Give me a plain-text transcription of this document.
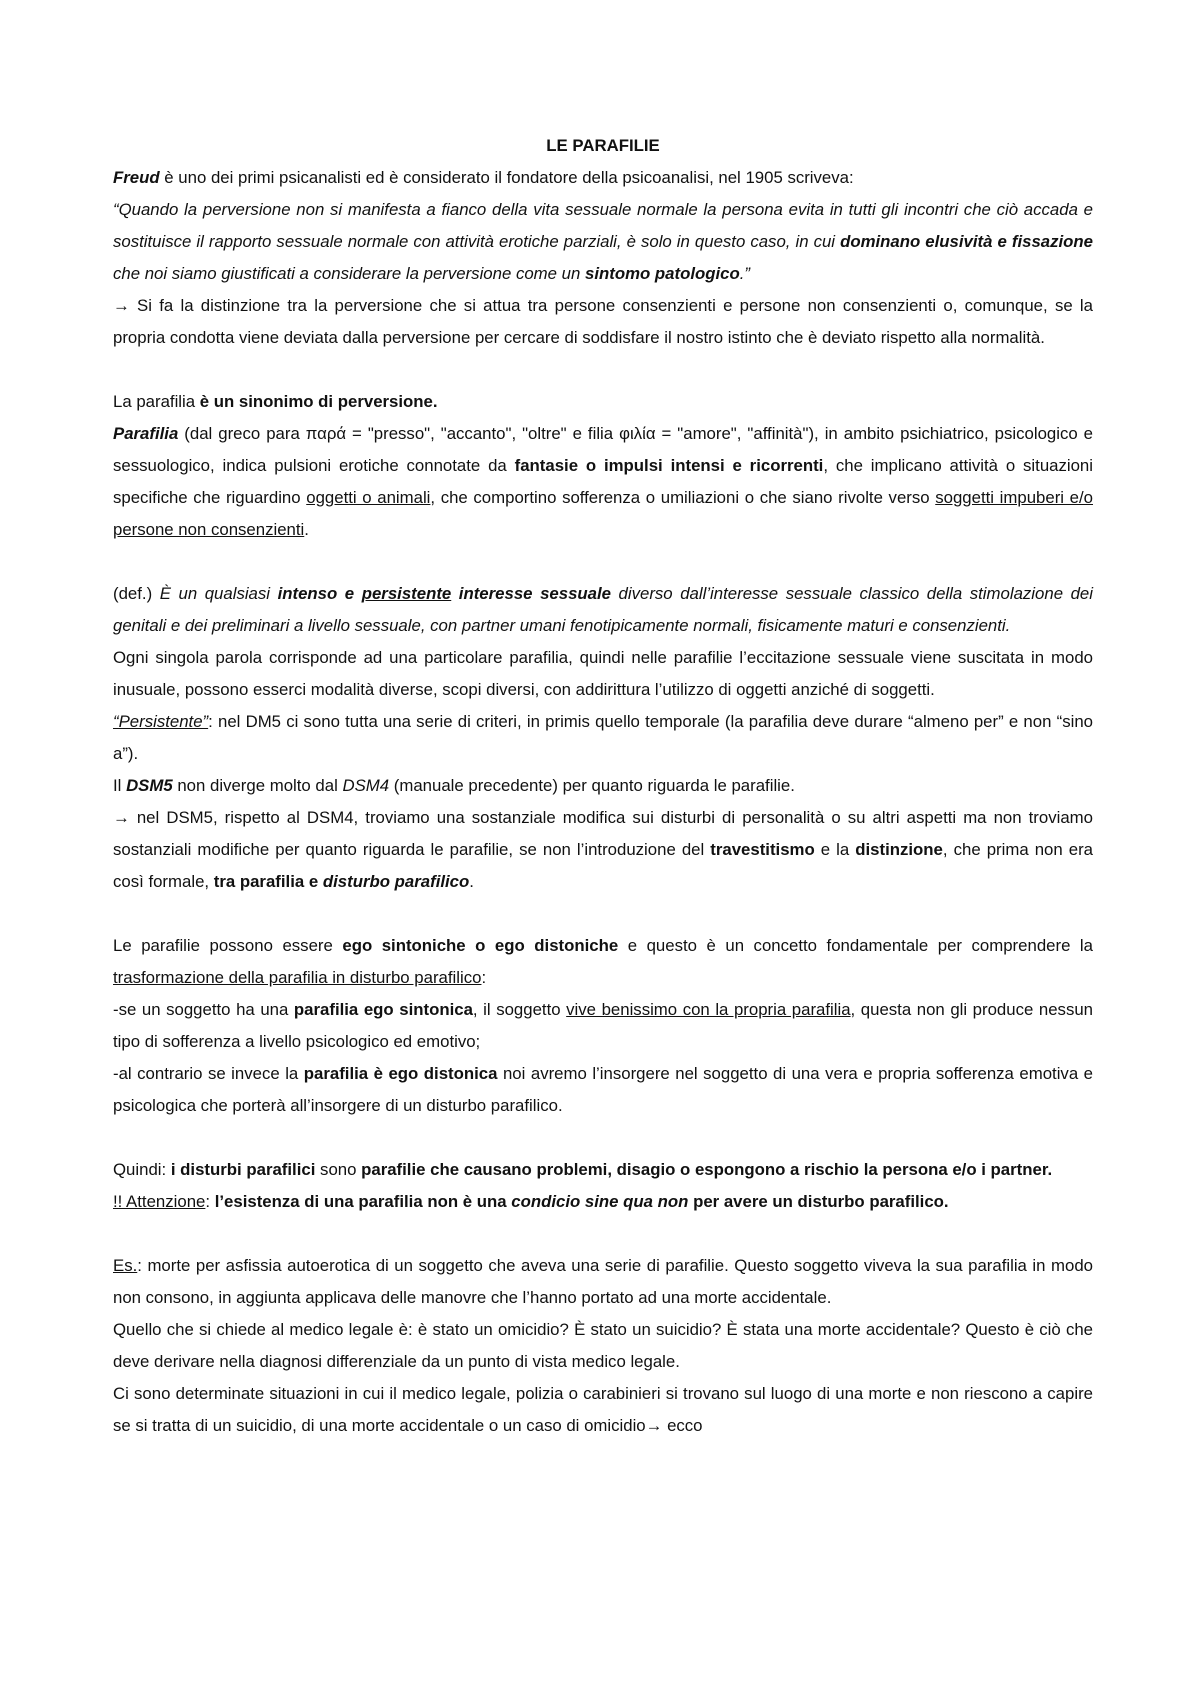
LE PARAFILIE

Freud è uno dei primi psicanalisti ed è considerato il fondatore della psicoanalisi, nel 1905 scriveva:
“Quando la perversione non si manifesta a fianco della vita sessuale normale la persona evita in tutti gli incontri che ciò accada e sostituisce il rapporto sessuale normale con attività erotiche parziali, è solo in questo caso, in cui dominano elusività e fissazione che noi siamo giustificati a considerare la perversione come un sintomo patologico.”

→ Si fa la distinzione tra la perversione che si attua tra persone consenzienti e persone non consenzienti o, comunque, se la propria condotta viene deviata dalla perversione per cercare di soddisfare il nostro istinto che è deviato rispetto alla normalità.

La parafilia è un sinonimo di perversione.

Parafilia (dal greco para παρά = "presso", "accanto", "oltre" e filia φιλία = "amore", "affinità"), in ambito psichiatrico, psicologico e sessuologico, indica pulsioni erotiche connotate da fantasie o impulsi intensi e ricorrenti, che implicano attività o situazioni specifiche che riguardino oggetti o animali, che comportino sofferenza o umiliazioni o che siano rivolte verso soggetti impuberi e/o persone non consenzienti.

(def.) È un qualsiasi intenso e persistente interesse sessuale diverso dall’interesse sessuale classico della stimolazione dei genitali e dei preliminari a livello sessuale, con partner umani fenotipicamente normali, fisicamente maturi e consenzienti.

Ogni singola parola corrisponde ad una particolare parafilia, quindi nelle parafilie l’eccitazione sessuale viene suscitata in modo inusuale, possono esserci modalità diverse, scopi diversi, con addirittura l’utilizzo di oggetti anziché di soggetti.

“Persistente”: nel DM5 ci sono tutta una serie di criteri, in primis quello temporale (la parafilia deve durare “almeno per” e non “sino a”).

Il DSM5 non diverge molto dal DSM4 (manuale precedente) per quanto riguarda le parafilie.

→ nel DSM5, rispetto al DSM4, troviamo una sostanziale modifica sui disturbi di personalità o su altri aspetti ma non troviamo sostanziali modifiche per quanto riguarda le parafilie, se non l’introduzione del travestitismo e la distinzione, che prima non era così formale, tra parafilia e disturbo parafilico.

Le parafilie possono essere ego sintoniche o ego distoniche e questo è un concetto fondamentale per comprendere la trasformazione della parafilia in disturbo parafilico:

-se un soggetto ha una parafilia ego sintonica, il soggetto vive benissimo con la propria parafilia, questa non gli produce nessun tipo di sofferenza a livello psicologico ed emotivo;

-al contrario se invece la parafilia è ego distonica noi avremo l’insorgere nel soggetto di una vera e propria sofferenza emotiva e psicologica che porterà all’insorgere di un disturbo parafilico.

Quindi: i disturbi parafilici sono parafilie che causano problemi, disagio o espongono a rischio la persona e/o i partner.

!! Attenzione: l’esistenza di una parafilia non è una condicio sine qua non per avere un disturbo parafilico.

Es.: morte per asfissia autoerotica di un soggetto che aveva una serie di parafilie. Questo soggetto viveva la sua parafilia in modo non consono, in aggiunta applicava delle manovre che l’hanno portato ad una morte accidentale.

Quello che si chiede al medico legale è: è stato un omicidio? È stato un suicidio? È stata una morte accidentale? Questo è ciò che deve derivare nella diagnosi differenziale da un punto di vista medico legale.

Ci sono determinate situazioni in cui il medico legale, polizia o carabinieri si trovano sul luogo di una morte e non riescono a capire se si tratta di un suicidio, di una morte accidentale o un caso di omicidio→ ecco
